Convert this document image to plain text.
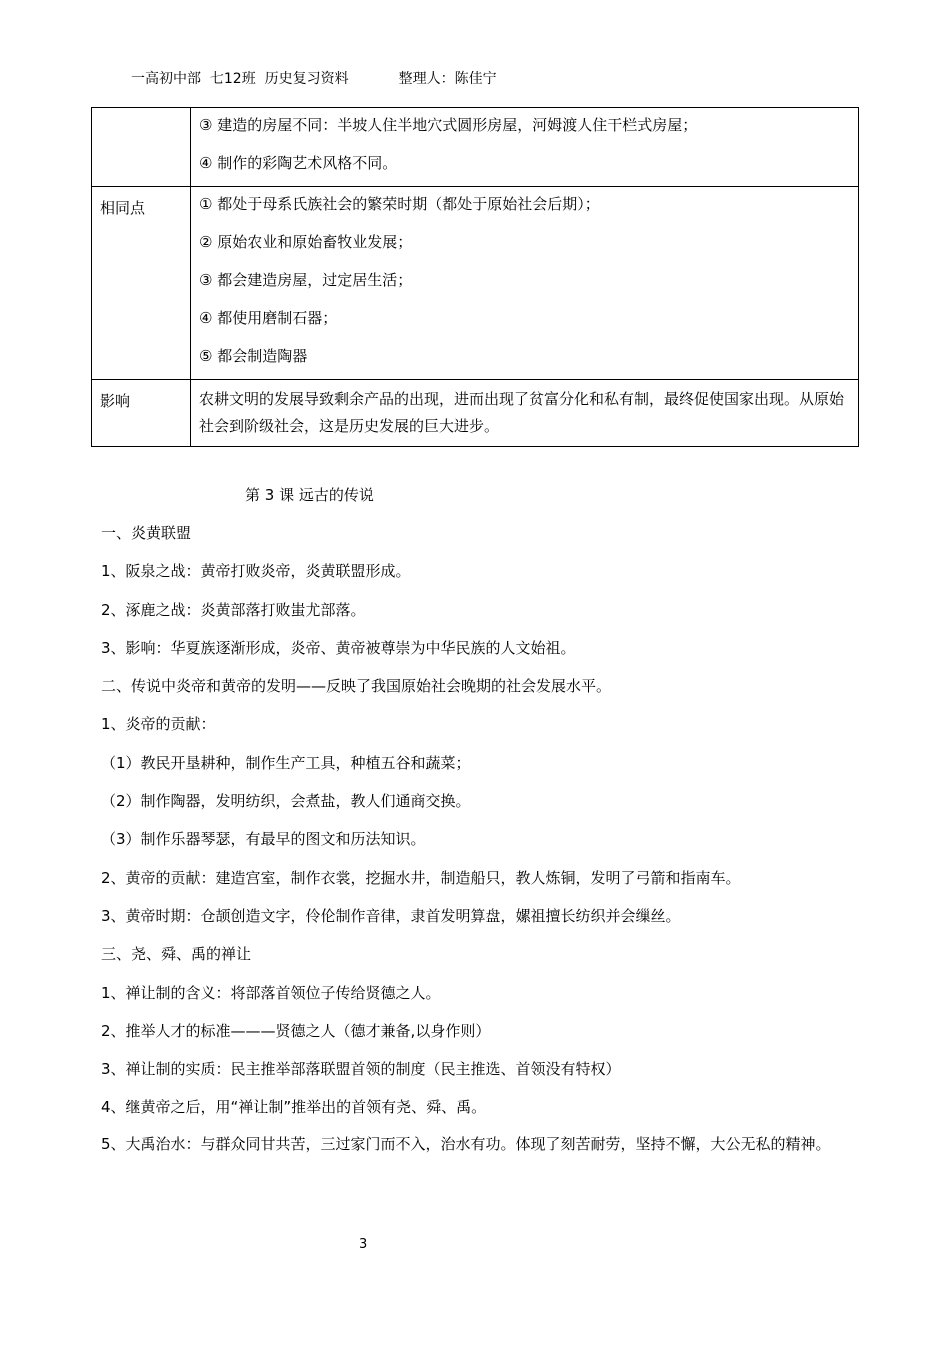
一高初中部  七12班  历史复习资料	整理人：陈佳宁

	③ 建造的房屋不同：半坡人住半地穴式圆形房屋，河姆渡人住干栏式房屋；
④ 制作的彩陶艺术风格不同。

相同点	① 都处于母系氏族社会的繁荣时期（都处于原始社会后期）；
② 原始农业和原始畜牧业发展；
③ 都会建造房屋，过定居生活；
④ 都使用磨制石器；
⑤ 都会制造陶器

影响	农耕文明的发展导致剩余产品的出现，进而出现了贫富分化和私有制，最终促使国家出现。从原始社会到阶级社会，这是历史发展的巨大进步。
第 3 课 远古的传说
一、炎黄联盟
1、阪泉之战：黄帝打败炎帝，炎黄联盟形成。
2、涿鹿之战：炎黄部落打败蚩尤部落。
3、影响：华夏族逐渐形成，炎帝、黄帝被尊崇为中华民族的人文始祖。
二、传说中炎帝和黄帝的发明——反映了我国原始社会晚期的社会发展水平。
1、炎帝的贡献：
（1）教民开垦耕种，制作生产工具，种植五谷和蔬菜；
（2）制作陶器，发明纺织，会煮盐，教人们通商交换。
（3）制作乐器琴瑟，有最早的图文和历法知识。
2、黄帝的贡献：建造宫室，制作衣裳，挖掘水井，制造船只，教人炼铜，发明了弓箭和指南车。
3、黄帝时期：仓颉创造文字，伶伦制作音律，隶首发明算盘，嫘祖擅长纺织并会缫丝。
三、尧、舜、禹的禅让
1、禅让制的含义：将部落首领位子传给贤德之人。
2、推举人才的标准———贤德之人（德才兼备,以身作则）
3、禅让制的实质：民主推举部落联盟首领的制度（民主推选、首领没有特权）
4、继黄帝之后，用“禅让制”推举出的首领有尧、舜、禹。
5、大禹治水：与群众同甘共苦，三过家门而不入，治水有功。体现了刻苦耐劳，坚持不懈，大公无私的精神。
3
